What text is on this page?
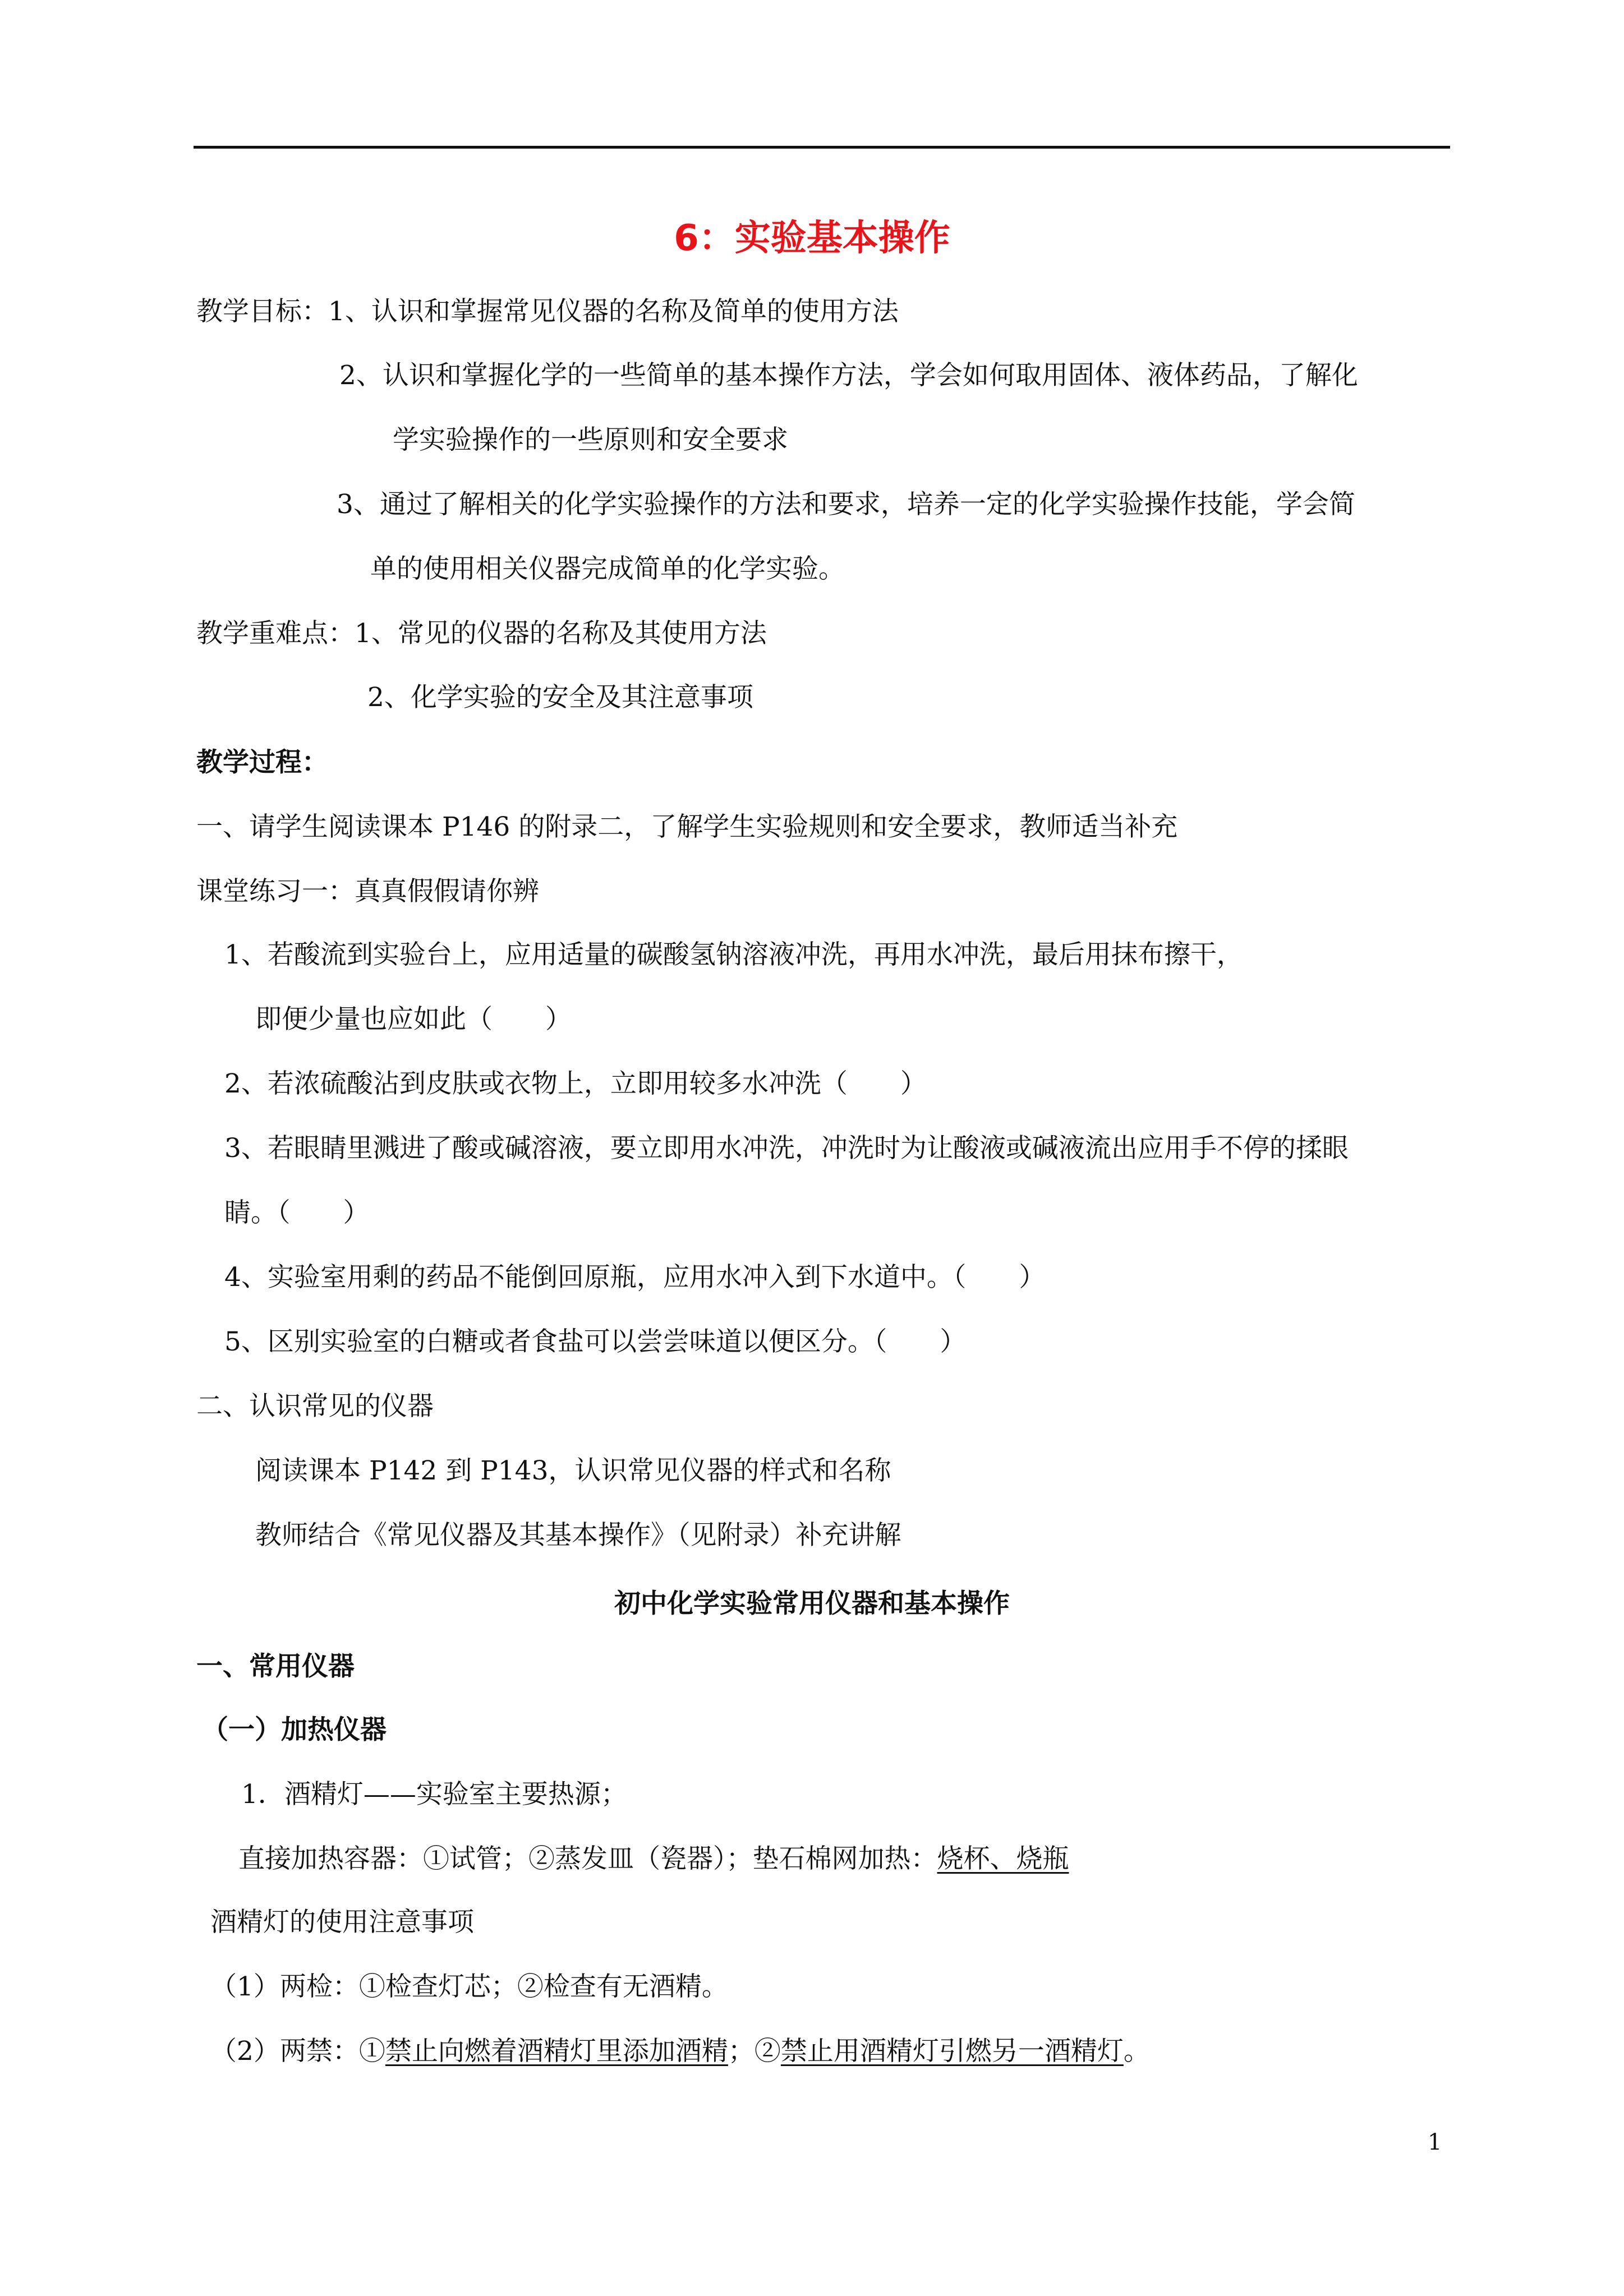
6：实验基本操作
教学目标：1、认识和掌握常见仪器的名称及简单的使用方法
2、认识和掌握化学的一些简单的基本操作方法，学会如何取用固体、液体药品，了解化
学实验操作的一些原则和安全要求
3、通过了解相关的化学实验操作的方法和要求，培养一定的化学实验操作技能，学会简
单的使用相关仪器完成简单的化学实验。
教学重难点：1、常见的仪器的名称及其使用方法
2、化学实验的安全及其注意事项
教学过程：
一、请学生阅读课本 P146 的附录二，了解学生实验规则和安全要求，教师适当补充
课堂练习一：真真假假请你辨
1、若酸流到实验台上，应用适量的碳酸氢钠溶液冲洗，再用水冲洗，最后用抹布擦干，
即便少量也应如此（　　）
2、若浓硫酸沾到皮肤或衣物上，立即用较多水冲洗（　　）
3、若眼睛里溅进了酸或碱溶液，要立即用水冲洗，冲洗时为让酸液或碱液流出应用手不停的揉眼
睛。（　　）
4、实验室用剩的药品不能倒回原瓶，应用水冲入到下水道中。（　　）
5、区别实验室的白糖或者食盐可以尝尝味道以便区分。（　　）
二、认识常见的仪器
阅读课本 P142 到 P143，认识常见仪器的样式和名称
教师结合《常见仪器及其基本操作》（见附录）补充讲解
初中化学实验常用仪器和基本操作
一、常用仪器
（一）加热仪器
1．酒精灯——实验室主要热源；
直接加热容器：①试管；②蒸发皿（瓷器）；垫石棉网加热：烧杯、烧瓶
酒精灯的使用注意事项
（1）两检：①检查灯芯；②检查有无酒精。
（2）两禁：①禁止向燃着酒精灯里添加酒精；②禁止用酒精灯引燃另一酒精灯。
1
